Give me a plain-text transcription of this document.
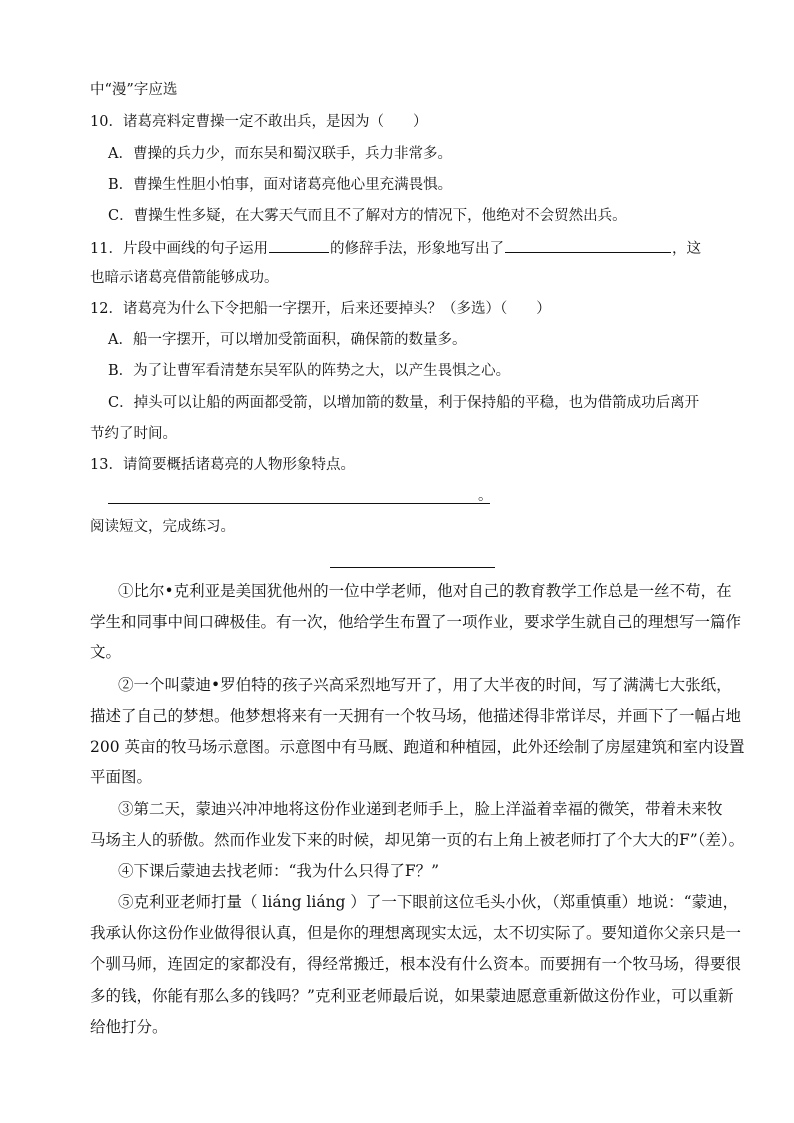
中“漫”字应选
10．诸葛亮料定曹操一定不敢出兵，是因为（　　）
A．曹操的兵力少，而东吴和蜀汉联手，兵力非常多。
B．曹操生性胆小怕事，面对诸葛亮他心里充满畏惧。
C．曹操生性多疑，在大雾天气而且不了解对方的情况下，他绝对不会贸然出兵。
11．片段中画线的句子运用	的修辞手法，形象地写出了	，这
也暗示诸葛亮借箭能够成功。
12．诸葛亮为什么下令把船一字摆开，后来还要掉头？（多选）（　　）
A．船一字摆开，可以增加受箭面积，确保箭的数量多。
B．为了让曹军看清楚东吴军队的阵势之大，以产生畏惧之心。
C．掉头可以让船的两面都受箭，以增加箭的数量，利于保持船的平稳，也为借箭成功后离开
节约了时间。
13．请简要概括诸葛亮的人物形象特点。
。
阅读短文，完成练习。
①比尔•克利亚是美国犹他州的一位中学老师，他对自己的教育教学工作总是一丝不苟，在
学生和同事中间口碑极佳。有一次，他给学生布置了一项作业，要求学生就自己的理想写一篇作
文。
②一个叫蒙迪•罗伯特的孩子兴高采烈地写开了，用了大半夜的时间，写了满满七大张纸，
描述了自己的梦想。他梦想将来有一天拥有一个牧马场，他描述得非常详尽，并画下了一幅占地
200 英亩的牧马场示意图。示意图中有马厩、跑道和种植园，此外还绘制了房屋建筑和室内设置
平面图。
③第二天，蒙迪兴冲冲地将这份作业递到老师手上，脸上洋溢着幸福的微笑，带着未来牧
马场主人的骄傲。然而作业发下来的时候，却见第一页的右上角上被老师打了个大大的F”（差）。
④下课后蒙迪去找老师：“我为什么只得了F？”
⑤克利亚老师打量（ liáng liáng ）了一下眼前这位毛头小伙，（郑重慎重）地说：“蒙迪，
我承认你这份作业做得很认真，但是你的理想离现实太远，太不切实际了。要知道你父亲只是一
个驯马师，连固定的家都没有，得经常搬迁，根本没有什么资本。而要拥有一个牧马场，得要很
多的钱，你能有那么多的钱吗？”克利亚老师最后说，如果蒙迪愿意重新做这份作业，可以重新
给他打分。
